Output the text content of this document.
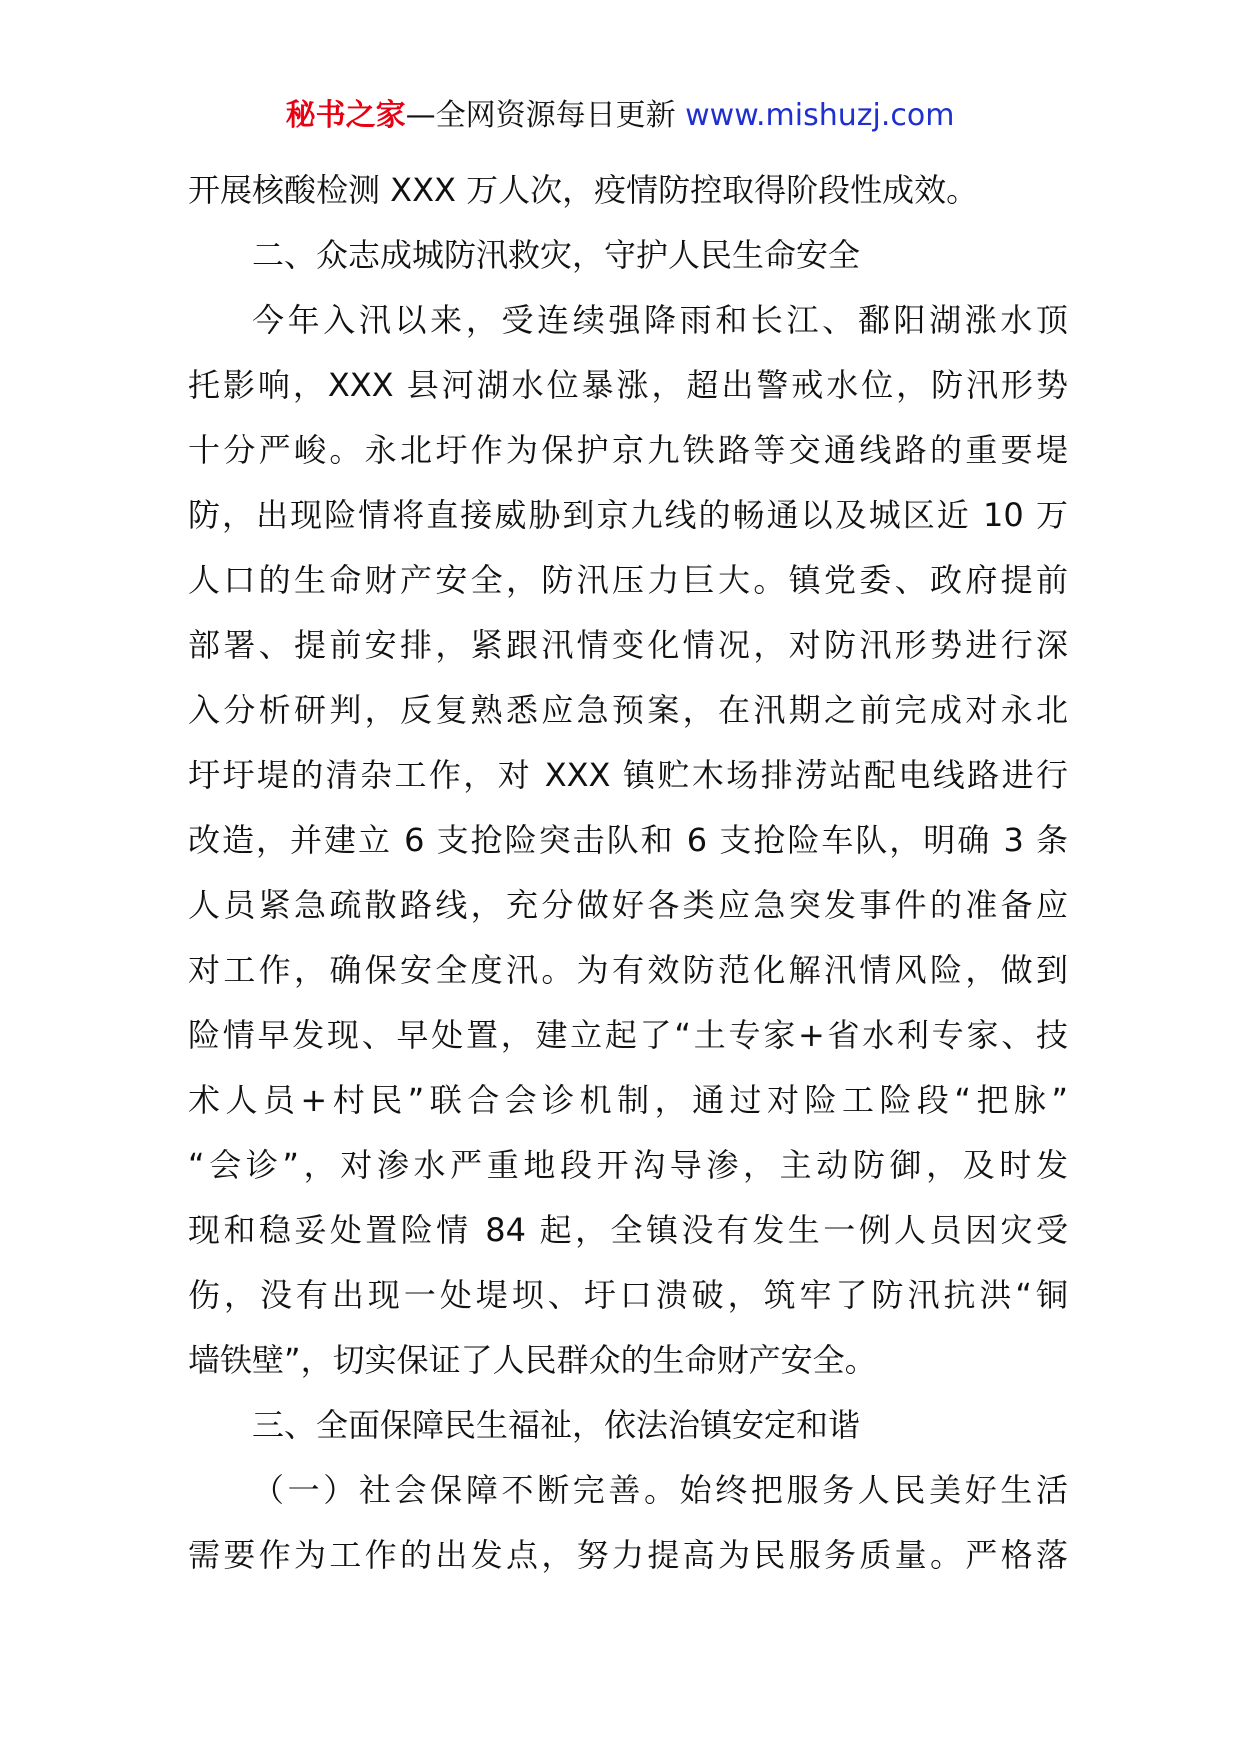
秘书之家—全网资源每日更新 www.mishuzj.com
开展核酸检测 XXX 万人次，疫情防控取得阶段性成效。
二、众志成城防汛救灾，守护人民生命安全
今年入汛以来，受连续强降雨和长江、鄱阳湖涨水顶
托影响，XXX 县河湖水位暴涨，超出警戒水位，防汛形势
十分严峻。永北圩作为保护京九铁路等交通线路的重要堤
防，出现险情将直接威胁到京九线的畅通以及城区近 10 万
人口的生命财产安全，防汛压力巨大。镇党委、政府提前
部署、提前安排，紧跟汛情变化情况，对防汛形势进行深
入分析研判，反复熟悉应急预案，在汛期之前完成对永北
圩圩堤的清杂工作，对 XXX 镇贮木场排涝站配电线路进行
改造，并建立 6 支抢险突击队和 6 支抢险车队，明确 3 条
人员紧急疏散路线，充分做好各类应急突发事件的准备应
对工作，确保安全度汛。为有效防范化解汛情风险，做到
险情早发现、早处置，建立起了“土专家+省水利专家、技
术人员+村民”联合会诊机制，通过对险工险段“把脉”
“会诊”，对渗水严重地段开沟导渗，主动防御，及时发
现和稳妥处置险情 84 起，全镇没有发生一例人员因灾受
伤，没有出现一处堤坝、圩口溃破，筑牢了防汛抗洪“铜
墙铁壁”，切实保证了人民群众的生命财产安全。
三、全面保障民生福祉，依法治镇安定和谐
（一）社会保障不断完善。始终把服务人民美好生活
需要作为工作的出发点，努力提高为民服务质量。严格落
